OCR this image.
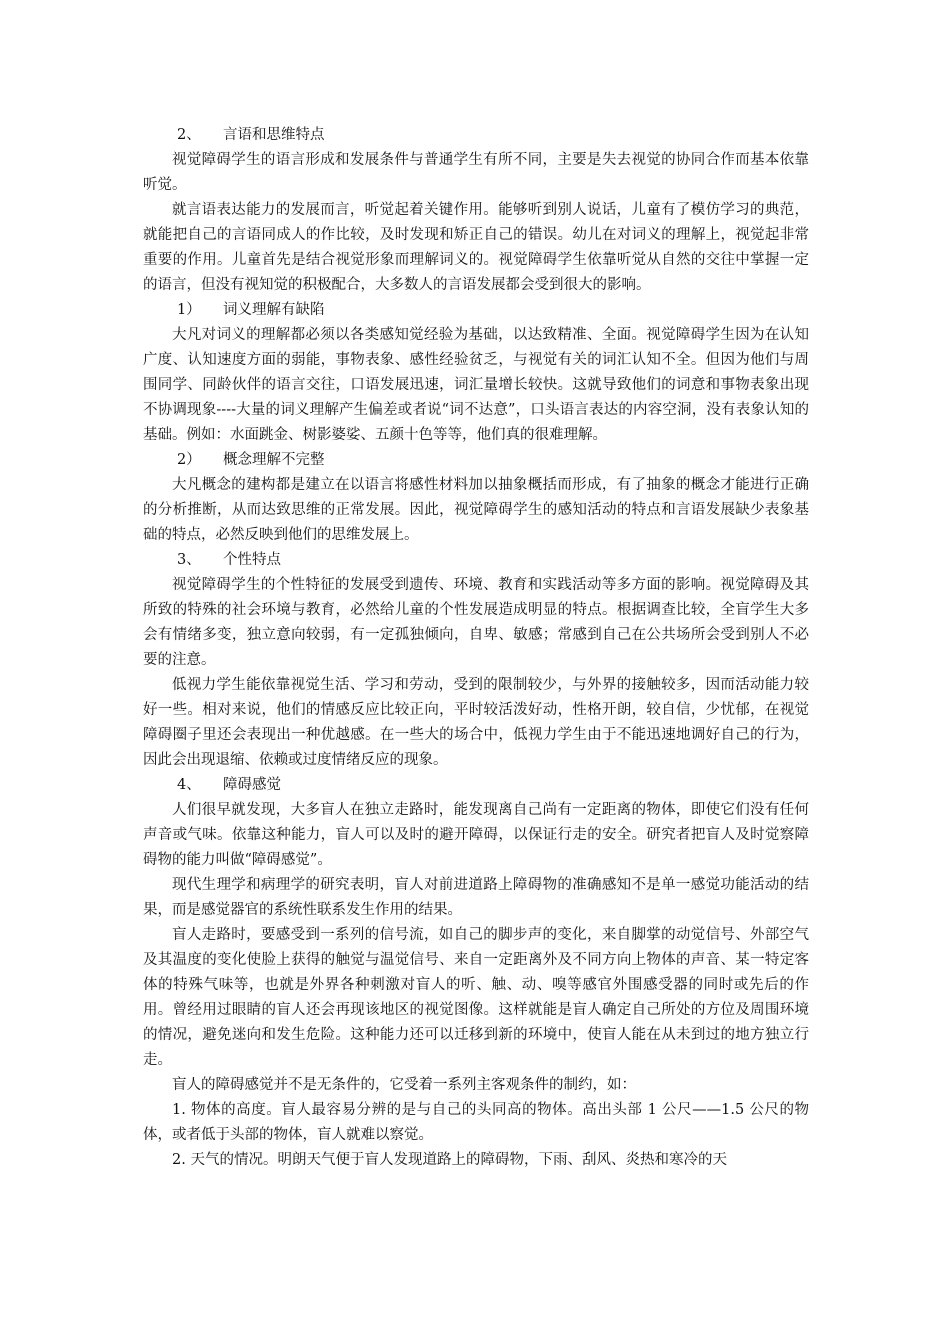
2、 言语和思维特点

视觉障碍学生的语言形成和发展条件与普通学生有所不同，主要是失去视觉的协同合作而基本依靠听觉。

就言语表达能力的发展而言，听觉起着关键作用。能够听到别人说话，儿童有了模仿学习的典范，就能把自己的言语同成人的作比较，及时发现和矫正自己的错误。幼儿在对词义的理解上，视觉起非常重要的作用。儿童首先是结合视觉形象而理解词义的。视觉障碍学生依靠听觉从自然的交往中掌握一定的语言，但没有视知觉的积极配合，大多数人的言语发展都会受到很大的影响。

1） 词义理解有缺陷

大凡对词义的理解都必须以各类感知觉经验为基础，以达致精准、全面。视觉障碍学生因为在认知广度、认知速度方面的弱能，事物表象、感性经验贫乏，与视觉有关的词汇认知不全。但因为他们与周围同学、同龄伙伴的语言交往，口语发展迅速，词汇量增长较快。这就导致他们的词意和事物表象出现不协调现象----大量的词义理解产生偏差或者说“词不达意”，口头语言表达的内容空洞，没有表象认知的基础。例如：水面跳金、树影婆娑、五颜十色等等，他们真的很难理解。

2） 概念理解不完整

大凡概念的建构都是建立在以语言将感性材料加以抽象概括而形成，有了抽象的概念才能进行正确的分析推断，从而达致思维的正常发展。因此，视觉障碍学生的感知活动的特点和言语发展缺少表象基础的特点，必然反映到他们的思维发展上。

3、 个性特点

视觉障碍学生的个性特征的发展受到遗传、环境、教育和实践活动等多方面的影响。视觉障碍及其所致的特殊的社会环境与教育，必然给儿童的个性发展造成明显的特点。根据调查比较，全盲学生大多会有情绪多变，独立意向较弱，有一定孤独倾向，自卑、敏感；常感到自己在公共场所会受到别人不必要的注意。

低视力学生能依靠视觉生活、学习和劳动，受到的限制较少，与外界的接触较多，因而活动能力较好一些。相对来说，他们的情感反应比较正向，平时较活泼好动，性格开朗，较自信，少忧郁，在视觉障碍圈子里还会表现出一种优越感。在一些大的场合中，低视力学生由于不能迅速地调好自己的行为，因此会出现退缩、依赖或过度情绪反应的现象。

4、 障碍感觉

人们很早就发现，大多盲人在独立走路时，能发现离自己尚有一定距离的物体，即使它们没有任何声音或气味。依靠这种能力，盲人可以及时的避开障碍，以保证行走的安全。研究者把盲人及时觉察障碍物的能力叫做“障碍感觉”。

现代生理学和病理学的研究表明，盲人对前进道路上障碍物的准确感知不是单一感觉功能活动的结果，而是感觉器官的系统性联系发生作用的结果。

盲人走路时，要感受到一系列的信号流，如自己的脚步声的变化，来自脚掌的动觉信号、外部空气及其温度的变化使脸上获得的触觉与温觉信号、来自一定距离外及不同方向上物体的声音、某一特定客体的特殊气味等，也就是外界各种刺激对盲人的听、触、动、嗅等感官外围感受器的同时或先后的作用。曾经用过眼睛的盲人还会再现该地区的视觉图像。这样就能是盲人确定自己所处的方位及周围环境的情况，避免迷向和发生危险。这种能力还可以迁移到新的环境中，使盲人能在从未到过的地方独立行走。

盲人的障碍感觉并不是无条件的，它受着一系列主客观条件的制约，如：

1. 物体的高度。盲人最容易分辨的是与自己的头同高的物体。高出头部 1 公尺——1.5 公尺的物体，或者低于头部的物体，盲人就难以察觉。

2. 天气的情况。明朗天气便于盲人发现道路上的障碍物，下雨、刮风、炎热和寒冷的天
